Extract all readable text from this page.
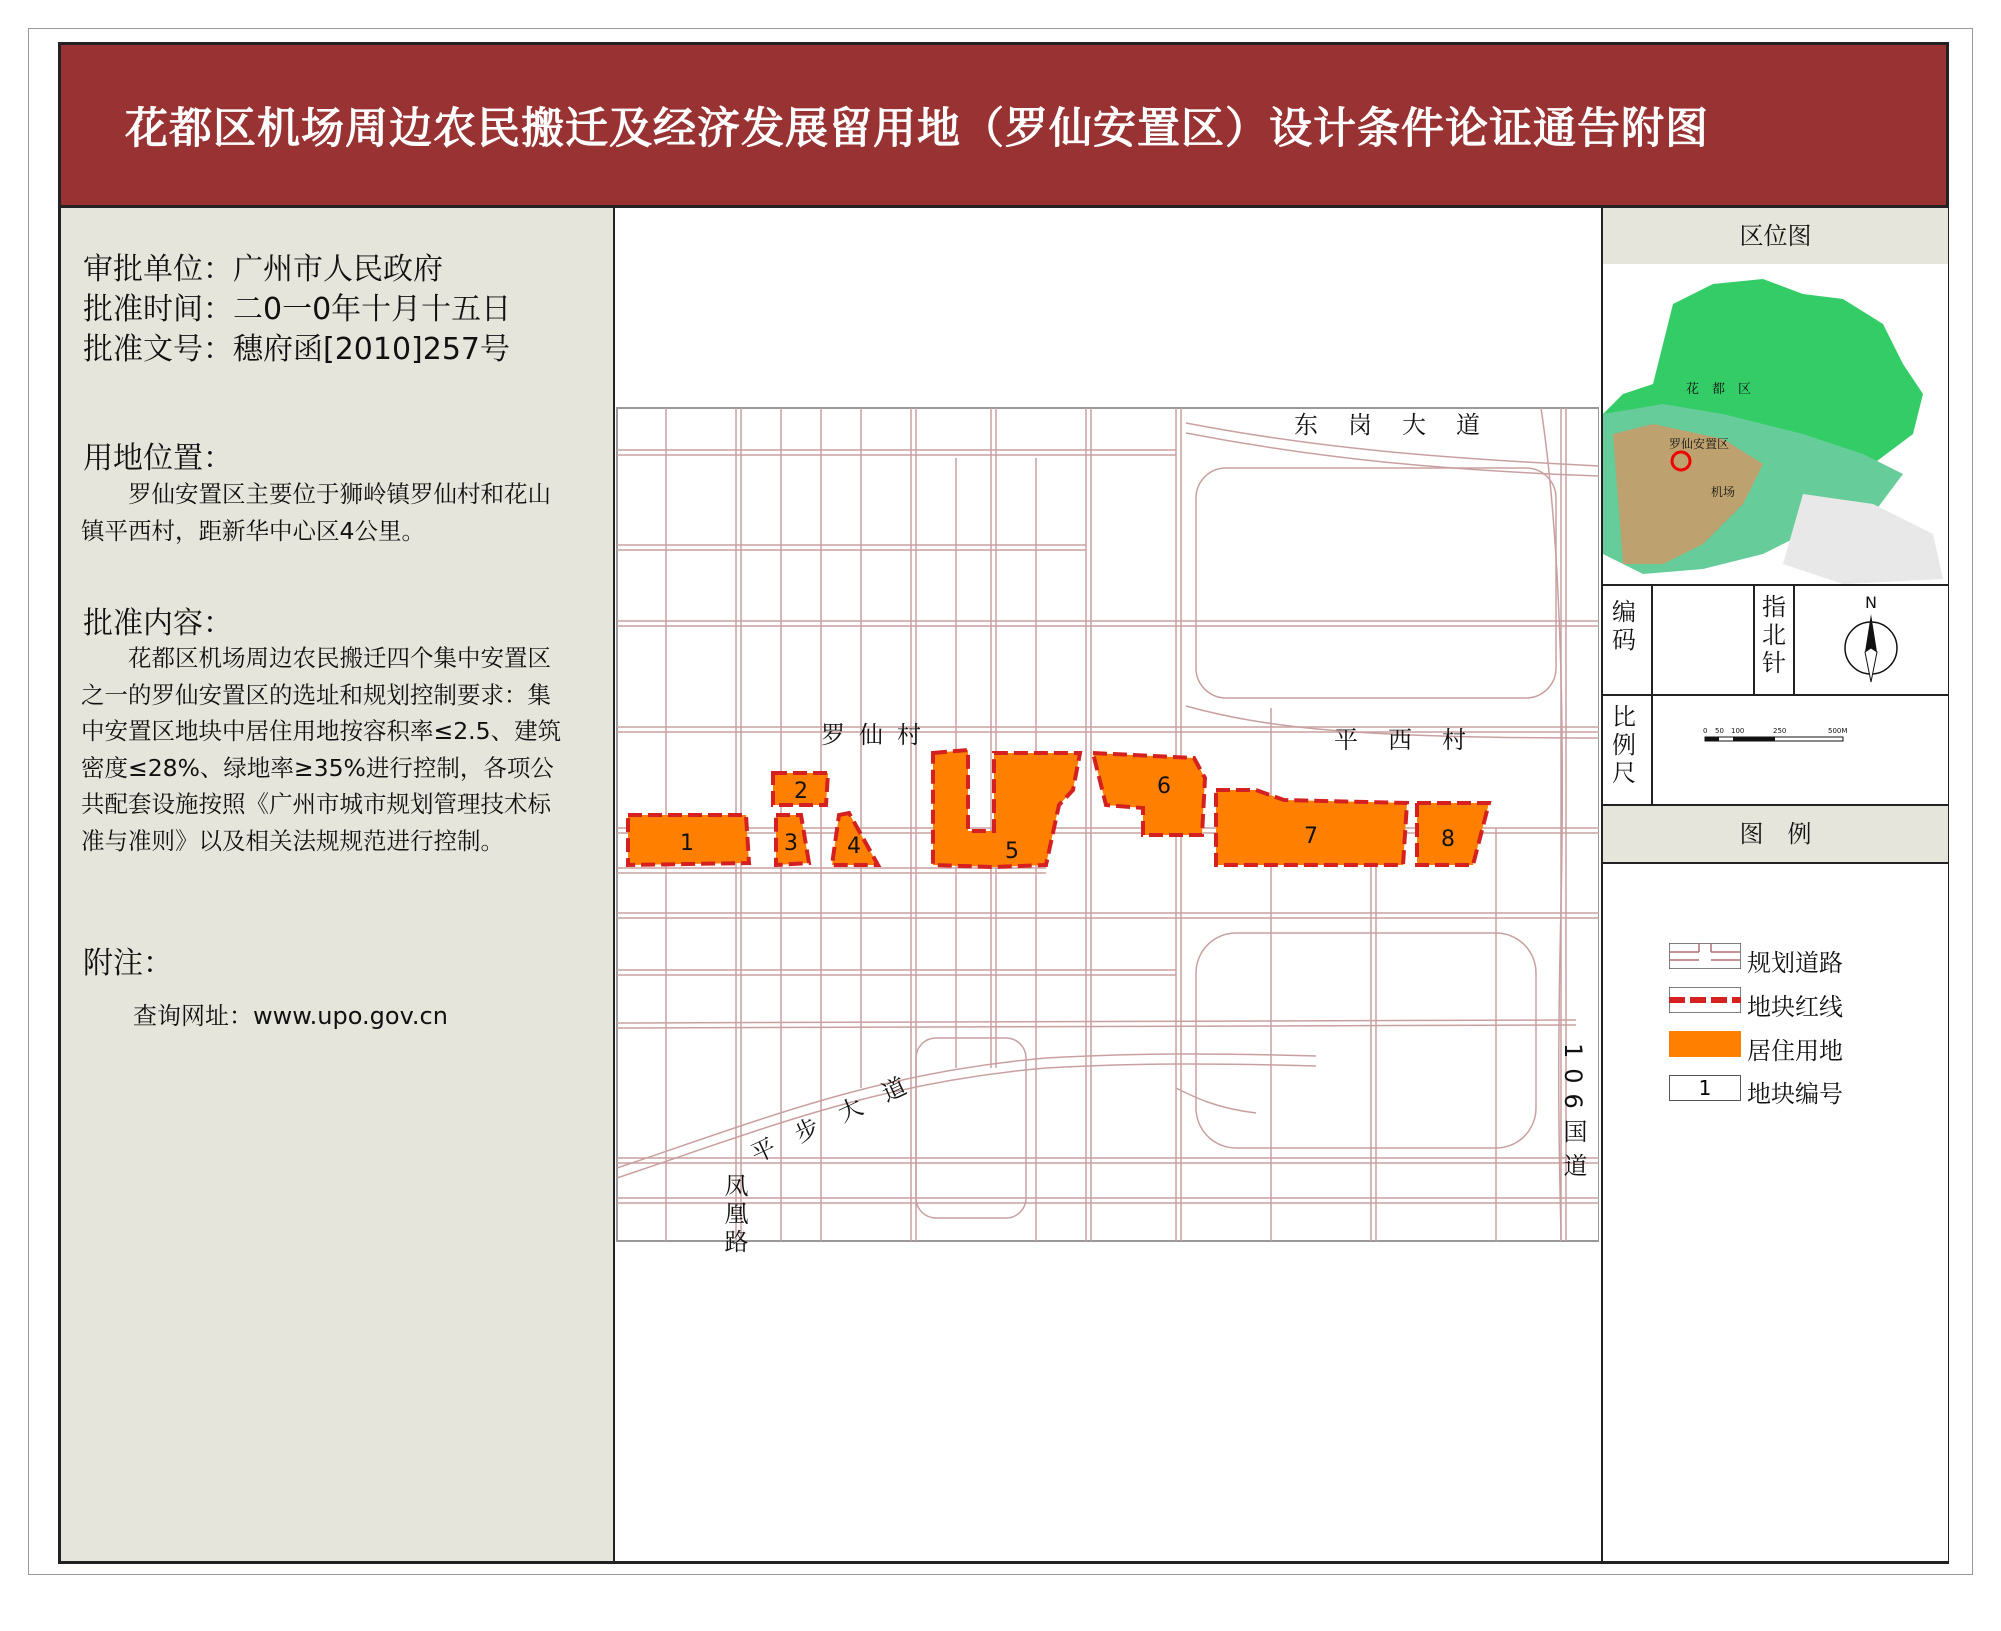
花都区机场周边农民搬迁及经济发展留用地（罗仙安置区）设计条件论证通告附图
审批单位：广州市人民政府
批准时间：二0一0年十月十五日
批准文号：穗府函[2010]257号
用地位置：
罗仙安置区主要位于狮岭镇罗仙村和花山镇平西村，距新华中心区4公里。
批准内容：
花都区机场周边农民搬迁四个集中安置区之一的罗仙安置区的选址和规划控制要求：集中安置区地块中居住用地按容积率≤2.5、建筑密度≤28%、绿地率≥35%进行控制，各项公共配套设施按照《广州市城市规划管理技术标准与准则》以及相关法规规范进行控制。
附注：
查询网址：www.upo.gov.cn
1
2
3 4	5
6
7	8
东岗大道
罗仙村	平西村
平步大道
凤凰路
106国道
区位图
花　都　区
罗仙安置区
机场
编码
指北针
N
比例尺
0 50 100	250	500M
图　例
规划道路
地块红线
居住用地
1	地块编号
